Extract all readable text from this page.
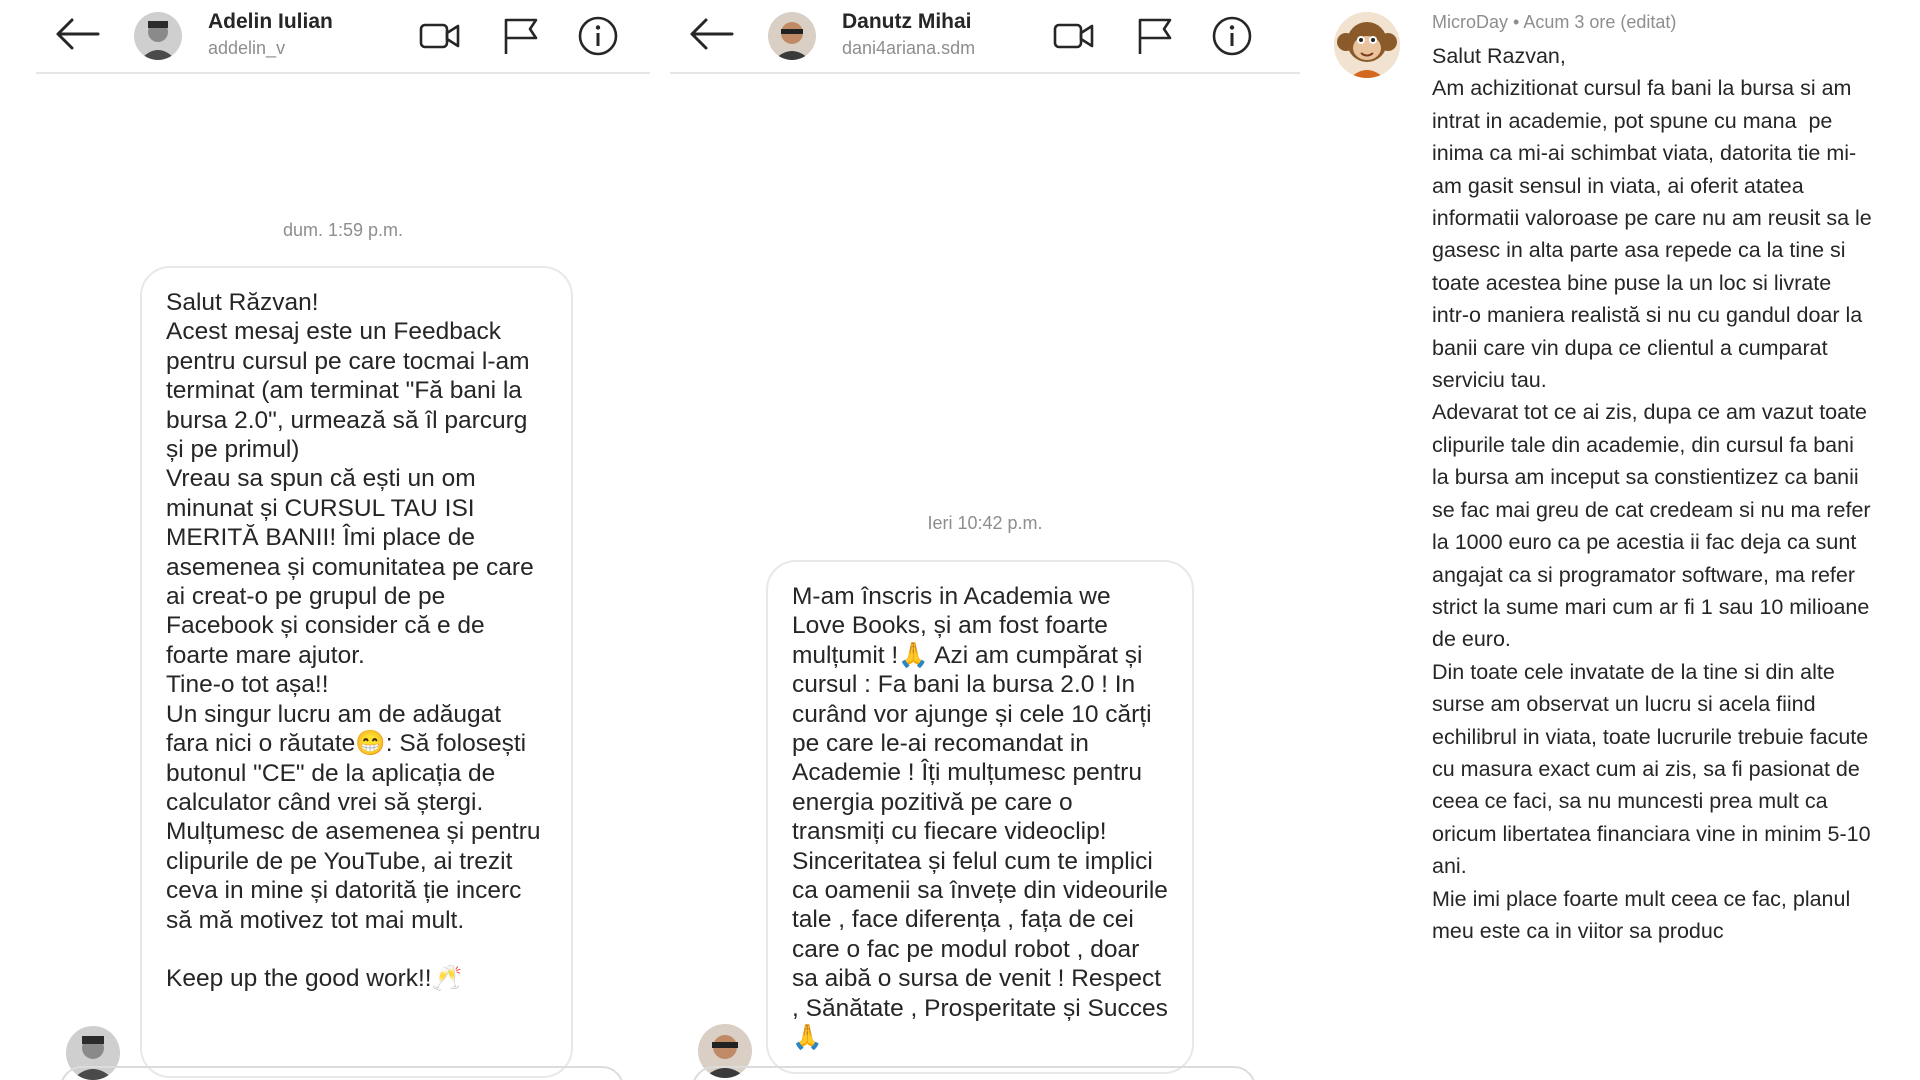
Adelin Iulian
addelin_v
dum. 1:59 p.m.
Salut Răzvan!
Acest mesaj este un Feedback pentru cursul pe care tocmai l-am terminat (am terminat "Fă bani la bursa 2.0", urmează să îl parcurg și pe primul)
Vreau sa spun că ești un om minunat și CURSUL TAU ISI MERITĂ BANII! Îmi place de asemenea și comunitatea pe care ai creat-o pe grupul de pe Facebook și consider că e de foarte mare ajutor.
Tine-o tot așa!!
Un singur lucru am de adăugat fara nici o răutate😁: Să folosești butonul "CE" de la aplicația de calculator când vrei să ștergi.
Mulțumesc de asemenea și pentru clipurile de pe YouTube, ai trezit ceva in mine și datorită ție incerc să mă motivez tot mai mult.

Keep up the good work!!🥂
Danutz Mihai
dani4ariana.sdm
Ieri 10:42 p.m.
M-am înscris in Academia we Love Books, și am fost foarte mulțumit !🙏 Azi am cumpărat și cursul : Fa bani la bursa 2.0 ! In curând vor ajunge și cele 10 cărți pe care le-ai recomandat in Academie ! Îți mulțumesc pentru energia pozitivă pe care o transmiți cu fiecare videoclip! Sinceritatea și felul cum te implici ca oamenii sa învețe din videourile tale , face diferența , fața de cei care o fac pe modul robot , doar sa aibă o sursa de venit ! Respect , Sănătate , Prosperitate și Succes🙏
MicroDay • Acum 3 ore (editat)
Salut Razvan,
Am achizitionat cursul fa bani la bursa si am intrat in academie, pot spune cu mana  pe inima ca mi-ai schimbat viata, datorita tie mi-am gasit sensul in viata, ai oferit atatea informatii valoroase pe care nu am reusit sa le gasesc in alta parte asa repede ca la tine si toate acestea bine puse la un loc si livrate intr-o maniera realistă si nu cu gandul doar la banii care vin dupa ce clientul a cumparat serviciu tau.
Adevarat tot ce ai zis, dupa ce am vazut toate clipurile tale din academie, din cursul fa bani la bursa am inceput sa constientizez ca banii se fac mai greu de cat credeam si nu ma refer la 1000 euro ca pe acestia ii fac deja ca sunt angajat ca si programator software, ma refer strict la sume mari cum ar fi 1 sau 10 milioane de euro.
Din toate cele invatate de la tine si din alte surse am observat un lucru si acela fiind echilibrul in viata, toate lucrurile trebuie facute cu masura exact cum ai zis, sa fi pasionat de ceea ce faci, sa nu muncesti prea mult ca oricum libertatea financiara vine in minim 5-10 ani.
Mie imi place foarte mult ceea ce fac, planul meu este ca in viitor sa produc
